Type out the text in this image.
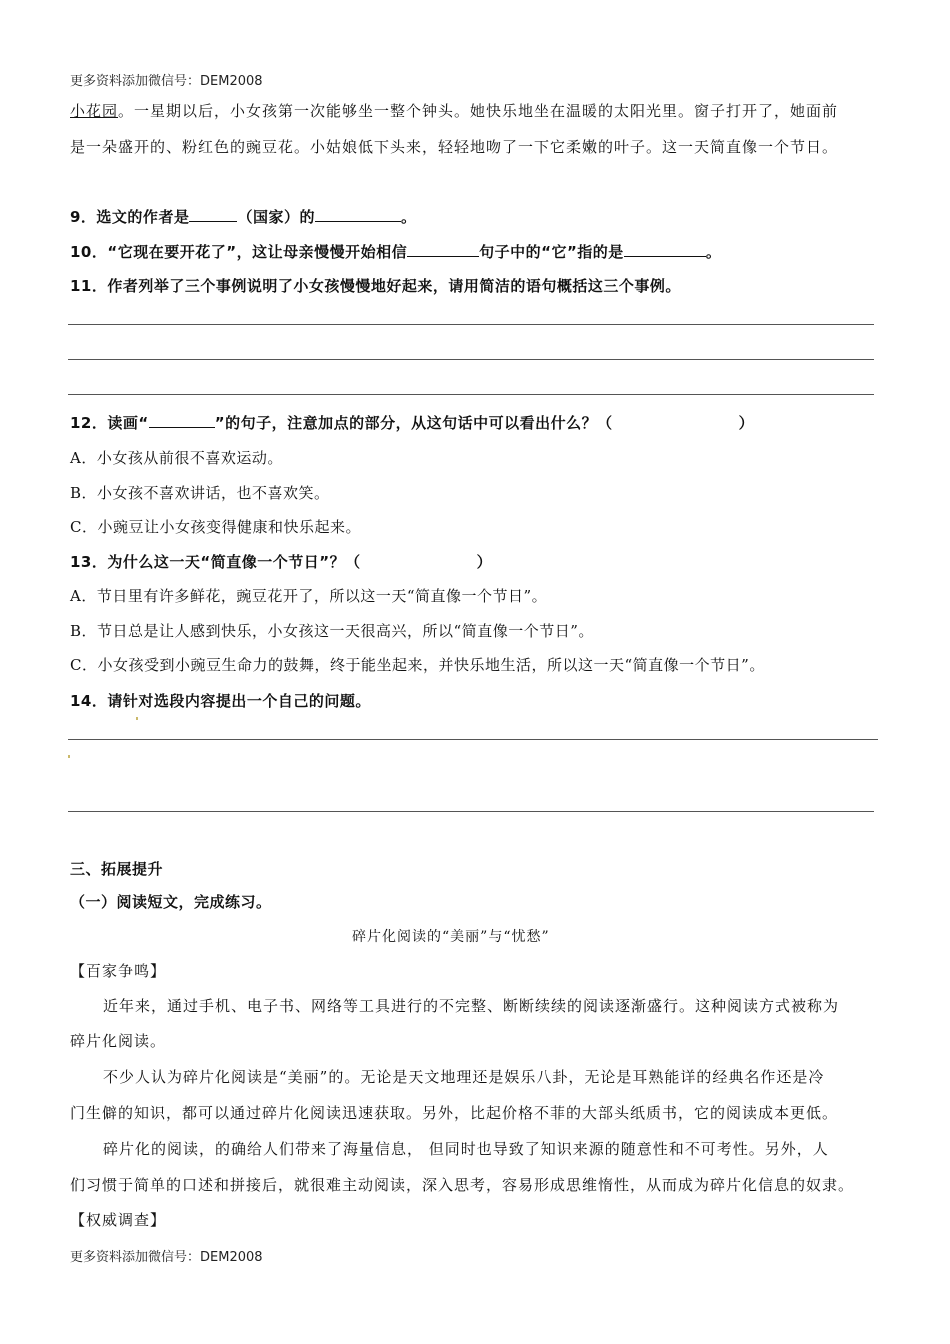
更多资料添加微信号：DEM2008
小花园。一星期以后，小女孩第一次能够坐一整个钟头。她快乐地坐在温暖的太阳光里。窗子打开了，她面前
是一朵盛开的、粉红色的豌豆花。小姑娘低下头来，轻轻地吻了一下它柔嫩的叶子。这一天简直像一个节日。
9．选文的作者是	（国家）的	。
10．“它现在要开花了”，这让母亲慢慢开始相信	句子中的“它”指的是	。
11．作者列举了三个事例说明了小女孩慢慢地好起来，请用简洁的语句概括这三个事例。
12．读画“	”的句子，注意加点的部分，从这句话中可以看出什么？（	）
A．小女孩从前很不喜欢运动。
B．小女孩不喜欢讲话，也不喜欢笑。
C．小豌豆让小女孩变得健康和快乐起来。
13．为什么这一天“简直像一个节日”？（	）
A．节日里有许多鲜花，豌豆花开了，所以这一天“简直像一个节日”。
B．节日总是让人感到快乐，小女孩这一天很高兴，所以“简直像一个节日”。
C．小女孩受到小豌豆生命力的鼓舞，终于能坐起来，并快乐地生活，所以这一天“简直像一个节日”。
14．请针对选段内容提出一个自己的问题。
三、拓展提升
（一）阅读短文，完成练习。
碎片化阅读的“美丽”与“忧愁”
【百家争鸣】
近年来，通过手机、电子书、网络等工具进行的不完整、断断续续的阅读逐渐盛行。这种阅读方式被称为
碎片化阅读。
不少人认为碎片化阅读是“美丽”的。无论是天文地理还是娱乐八卦，无论是耳熟能详的经典名作还是冷
门生僻的知识，都可以通过碎片化阅读迅速获取。另外，比起价格不菲的大部头纸质书，它的阅读成本更低。
碎片化的阅读，的确给人们带来了海量信息， 但同时也导致了知识来源的随意性和不可考性。另外，人
们习惯于简单的口述和拼接后，就很难主动阅读，深入思考，容易形成思维惰性，从而成为碎片化信息的奴隶。
【权威调查】
更多资料添加微信号：DEM2008
